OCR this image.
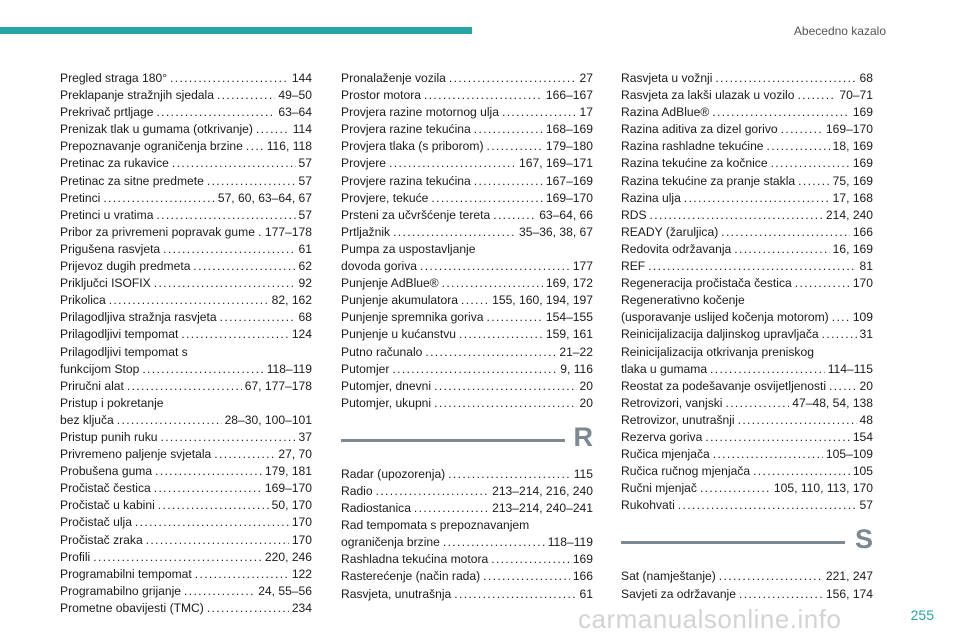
Abecedno kazalo
Pregled straga 180° . . .	144
Preklapanje stražnjih sjedala . . .	49–50
Prekrivač prtljage . . .	63–64
Prenizak tlak u gumama (otkrivanje) . . .	114
Prepoznavanje ograničenja brzine . . . 116, 118
Pretinac za rukavice . . .	57
Pretinac za sitne predmete . . .	57
Pretinci . . .	57, 60, 63–64, 67
Pretinci u vratima . . .	57
Pribor za privremeni popravak gume . . . 177–178
Prigušena rasvjeta . . .	61
Prijevoz dugih predmeta . . .	62
Priključci ISOFIX . . .	92
Prikolica . . .	82, 162
Prilagodljiva stražnja rasvjeta . . .	68
Prilagodljivi tempomat . . .	124
Prilagodljivi tempomat s
funkcijom Stop . . .	118–119
Priručni alat . . .	67, 177–178
Pristup i pokretanje
bez ključa . . .	28–30, 100–101
Pristup punih ruku . . .	37
Privremeno paljenje svjetala . . .	27, 70
Probušena guma . . .	179, 181
Pročistač čestica . . .	169–170
Pročistač u kabini . . .	50, 170
Pročistač ulja . . .	170
Pročistač zraka . . .	170
Profili . . .	220, 246
Programabilni tempomat . . .	122
Programabilno grijanje . . .	24, 55–56
Prometne obavijesti (TMC) . . .	234
Pronalaženje vozila . . .	27
Prostor motora . . .	166–167
Provjera razine motornog ulja . . .	17
Provjera razine tekućina . . .	168–169
Provjera tlaka (s priborom) . . .	179–180
Provjere . . .	167, 169–171
Provjere razina tekućina . . .	167–169
Provjere, tekuće . . .	169–170
Prsteni za učvršćenje tereta . . .	63–64, 66
Prtljažnik . . .	35–36, 38, 67
Pumpa za uspostavljanje
dovoda goriva . . .	177
Punjenje AdBlue® . . .	169, 172
Punjenje akumulatora . . .	155, 160, 194, 197
Punjenje spremnika goriva . . .	154–155
Punjenje u kućanstvu . . .	159, 161
Putno računalo . . .	21–22
Putomjer . . .	9, 116
Putomjer, dnevni . . .	20
Putomjer, ukupni . . .	20
R
Radar (upozorenja) . . .	115
Radio . . .	213–214, 216, 240
Radiostanica . . .	213–214, 240–241
Rad tempomata s prepoznavanjem
ograničenja brzine . . .	118–119
Rashladna tekućina motora . . .	169
Rasterećenje (način rada) . . .	166
Rasvjeta, unutrašnja . . .	61
Rasvjeta u vožnji . . .	68
Rasvjeta za lakši ulazak u vozilo . . .	70–71
Razina AdBlue® . . .	169
Razina aditiva za dizel gorivo . . .	169–170
Razina rashladne tekućine . . .	18, 169
Razina tekućine za kočnice . . .	169
Razina tekućine za pranje stakla . . .	75, 169
Razina ulja . . .	17, 168
RDS . . .	214, 240
READY (žaruljica) . . .	166
Redovita održavanja . . .	16, 169
REF . . .	81
Regeneracija pročistača čestica . . .	170
Regenerativno kočenje
(usporavanje uslijed kočenja motorom) . . . 109
Reinicijalizacija daljinskog upravljača . . .	31
Reinicijalizacija otkrivanja preniskog
tlaka u gumama . . .	114–115
Reostat za podešavanje osvijetljenosti . . .	20
Retrovizori, vanjski . . .	47–48, 54, 138
Retrovizor, unutrašnji . . .	48
Rezerva goriva . . .	154
Ručica mjenjača . . .	105–109
Ručica ručnog mjenjača . . .	105
Ručni mjenjač . . .	105, 110, 113, 170
Rukohvati . . .	57
S
Sat (namještanje) . . .	221, 247
Savjeti za održavanje . . .	156, 174
carmanualsonline.info	255
